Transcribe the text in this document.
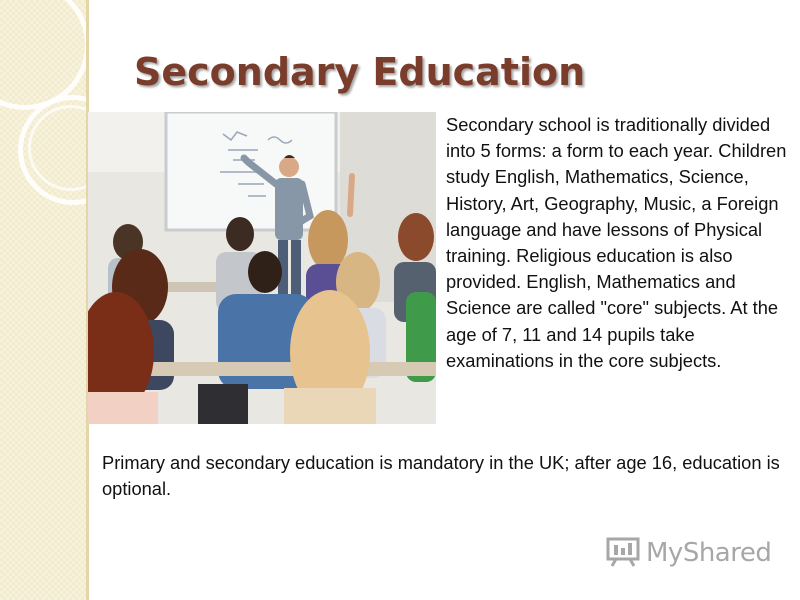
Secondary Education

Secondary school is traditionally divided into 5 forms: a form to each year. Children study English, Mathematics, Science, History, Art, Geography, Music, a Foreign language and have lessons of Physical training. Religious education is also provided. English, Mathematics and Science are called "core" subjects. At the age of 7, 11 and 14 pupils take examinations in the core subjects.

Primary and secondary education is mandatory in the UK; after age 16, education is optional.

MyShared
